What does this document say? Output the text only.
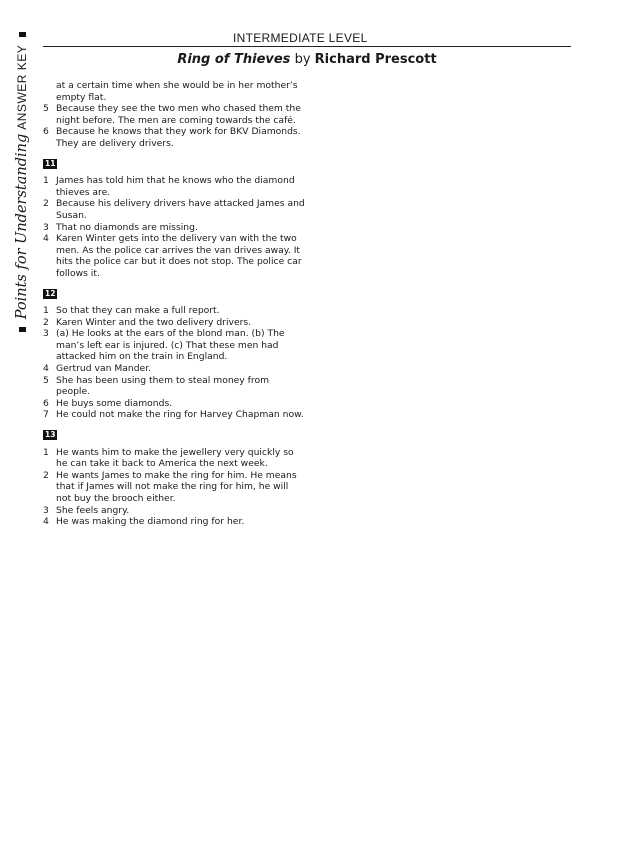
Points for Understanding
ANSWER KEY
INTERMEDIATE LEVEL
Ring of Thieves by Richard Prescott
at a certain time when she would be in her mother’s empty flat.
5 Because they see the two men who chased them the night before. The men are coming towards the café.
6 Because he knows that they work for BKV Diamonds. They are delivery drivers.
11
1 James has told him that he knows who the diamond thieves are.
2 Because his delivery drivers have attacked James and Susan.
3 That no diamonds are missing.
4 Karen Winter gets into the delivery van with the two men. As the police car arrives the van drives away. It hits the police car but it does not stop. The police car follows it.
12
1 So that they can make a full report.
2 Karen Winter and the two delivery drivers.
3 (a) He looks at the ears of the blond man. (b) The man’s left ear is injured. (c) That these men had attacked him on the train in England.
4 Gertrud van Mander.
5 She has been using them to steal money from people.
6 He buys some diamonds.
7 He could not make the ring for Harvey Chapman now.
13
1 He wants him to make the jewellery very quickly so he can take it back to America the next week.
2 He wants James to make the ring for him. He means that if James will not make the ring for him, he will not buy the brooch either.
3 She feels angry.
4 He was making the diamond ring for her.
